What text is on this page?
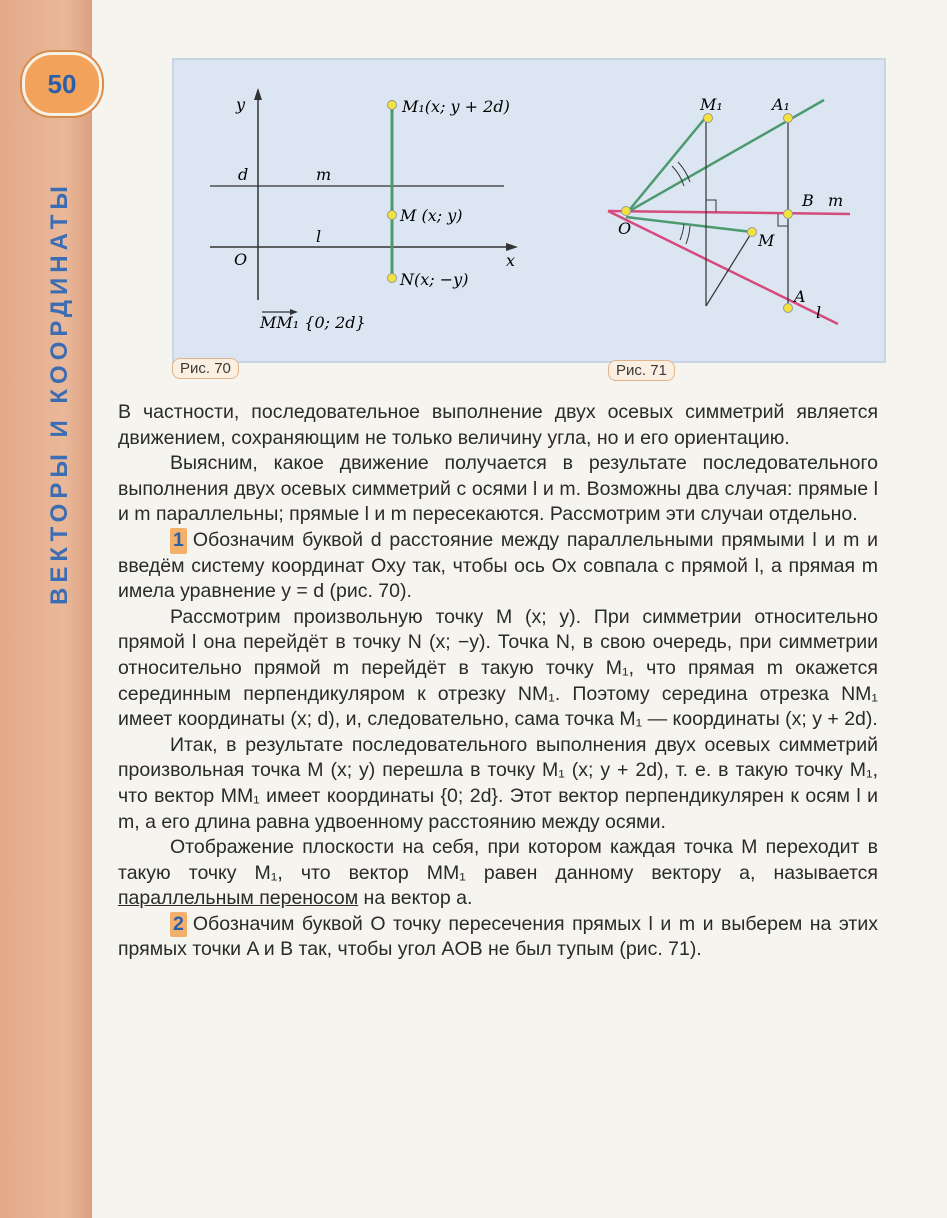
50
ВЕКТОРЫ И КООРДИНАТЫ
y
x
O
d	m
l
M₁(x; y + 2d)
M (x; y)
N(x; −y)
MM₁ {0; 2d}
M₁	A₁
B m
O
M
A
l
Рис. 70	Рис. 71

В частности, последовательное выполнение двух осевых симметрий является движением, сохраняющим не только величину угла, но и его ориентацию.

Выясним, какое движение получается в результате последовательного выполнения двух осевых симметрий с осями l и m. Возможны два случая: прямые l и m параллельны; прямые l и m пересекаются. Рассмотрим эти случаи отдельно.

1 Обозначим буквой d расстояние между параллельными прямыми l и m и введём систему координат Oxy так, чтобы ось Ox совпала с прямой l, а прямая m имела уравнение y = d (рис. 70).

Рассмотрим произвольную точку M (x; y). При симметрии относительно прямой l она перейдёт в точку N (x; −y). Точка N, в свою очередь, при симметрии относительно прямой m перейдёт в такую точку M₁, что прямая m окажется серединным перпендикуляром к отрезку NM₁. Поэтому середина отрезка NM₁ имеет координаты (x; d), и, следовательно, сама точка M₁ — координаты (x; y + 2d).

Итак, в результате последовательного выполнения двух осевых симметрий произвольная точка M (x; y) перешла в точку M₁ (x; y + 2d), т. е. в такую точку M₁, что вектор MM₁ имеет координаты {0; 2d}. Этот вектор перпендикулярен к осям l и m, а его длина равна удвоенному расстоянию между осями.

Отображение плоскости на себя, при котором каждая точка M переходит в такую точку M₁, что вектор MM₁ равен данному вектору a, называется параллельным переносом на вектор a.

2 Обозначим буквой O точку пересечения прямых l и m и выберем на этих прямых точки A и B так, чтобы угол AOB не был тупым (рис. 71).
